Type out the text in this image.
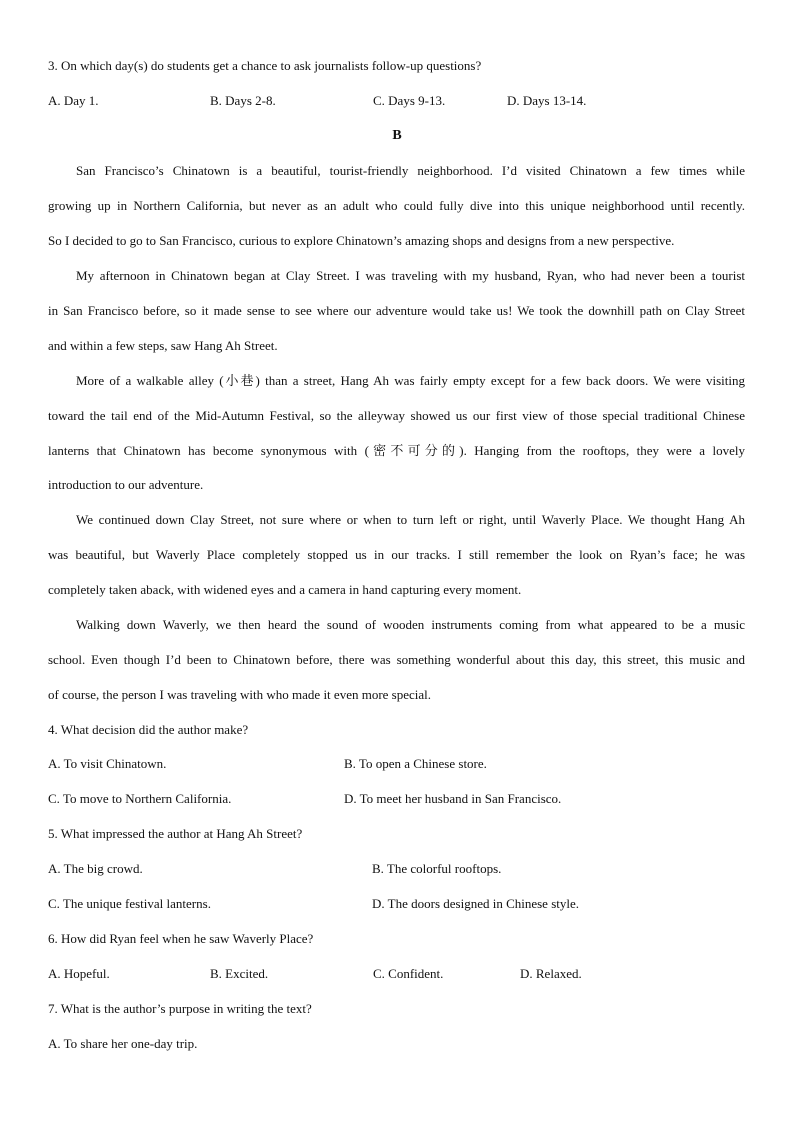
3. On which day(s) do students get a chance to ask journalists follow-up questions?
A. Day 1.	B. Days 2-8.	C. Days 9-13.	D. Days 13-14.
B
San Francisco’s Chinatown is a beautiful, tourist-friendly neighborhood. I’d visited Chinatown a few times while
growing up in Northern California, but never as an adult who could fully dive into this unique neighborhood until recently.
So I decided to go to San Francisco, curious to explore Chinatown’s amazing shops and designs from a new perspective.
My afternoon in Chinatown began at Clay Street. I was traveling with my husband, Ryan, who had never been a tourist
in San Francisco before, so it made sense to see where our adventure would take us! We took the downhill path on Clay Street
and within a few steps, saw Hang Ah Street.
More of a walkable alley (小巷) than a street, Hang Ah was fairly empty except for a few back doors. We were visiting
toward the tail end of the Mid-Autumn Festival, so the alleyway showed us our first view of those special traditional Chinese
lanterns that Chinatown has become synonymous with (密不可分的). Hanging from the rooftops, they were a lovely
introduction to our adventure.
We continued down Clay Street, not sure where or when to turn left or right, until Waverly Place. We thought Hang Ah
was beautiful, but Waverly Place completely stopped us in our tracks. I still remember the look on Ryan’s face; he was
completely taken aback, with widened eyes and a camera in hand capturing every moment.
Walking down Waverly, we then heard the sound of wooden instruments coming from what appeared to be a music
school. Even though I’d been to Chinatown before, there was something wonderful about this day, this street, this music and
of course, the person I was traveling with who made it even more special.
4. What decision did the author make?
A. To visit Chinatown.	B. To open a Chinese store.
C. To move to Northern California.	D. To meet her husband in San Francisco.
5. What impressed the author at Hang Ah Street?
A. The big crowd.	B. The colorful rooftops.
C. The unique festival lanterns.	D. The doors designed in Chinese style.
6. How did Ryan feel when he saw Waverly Place?
A. Hopeful.	B. Excited.	C. Confident.	D. Relaxed.
7. What is the author’s purpose in writing the text?
A. To share her one-day trip.
